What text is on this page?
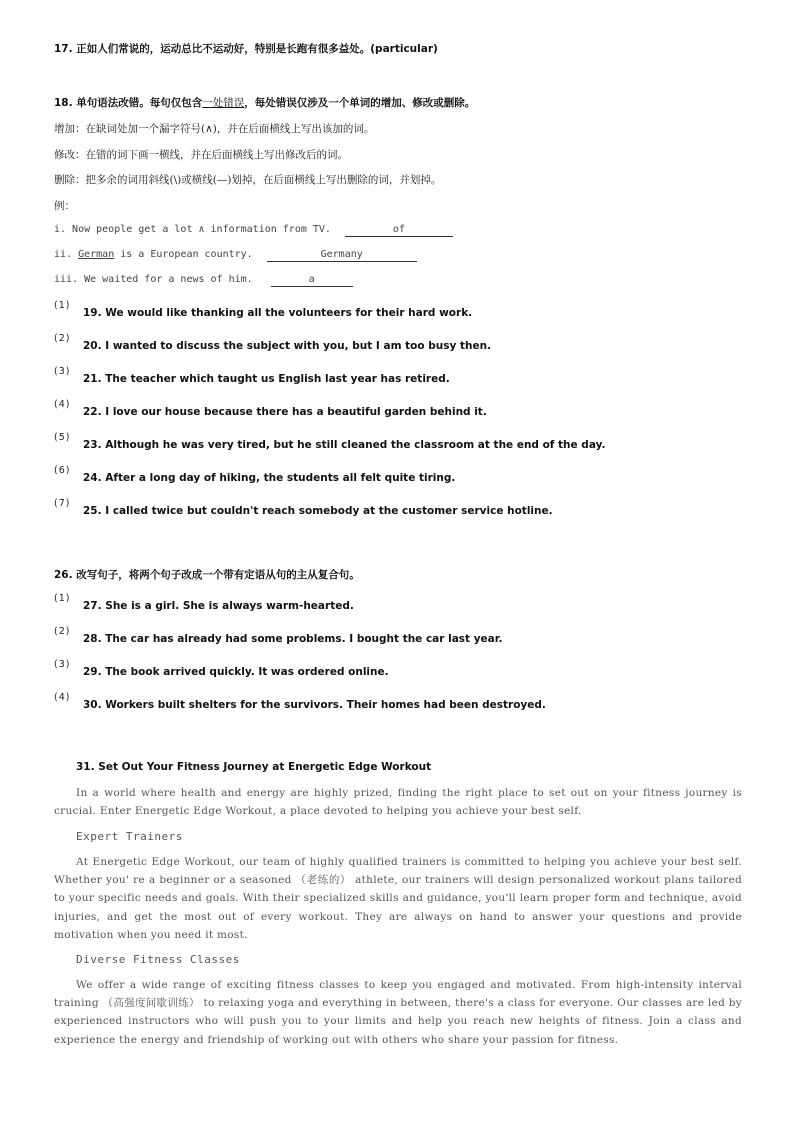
17. 正如人们常说的，运动总比不运动好，特别是长跑有很多益处。(particular)
18. 单句语法改错。每句仅包含一处错误，每处错误仅涉及一个单词的增加、修改或删除。
增加：在缺词处加一个漏字符号(∧)，并在后面横线上写出该加的词。
修改：在错的词下画一横线，并在后面横线上写出修改后的词。
删除：把多余的词用斜线(\)或横线(—)划掉，在后面横线上写出删除的词，并划掉。
例：
i. Now people get a lot ∧ information from TV.	of
ii. German is a European country.	Germany
iii. We waited for a news of him.	a
(1)
19. We would like thanking all the volunteers for their hard work.
(2)
20. I wanted to discuss the subject with you, but I am too busy then.
(3)
21. The teacher which taught us English last year has retired.
(4)
22. I love our house because there has a beautiful garden behind it.
(5)
23. Although he was very tired, but he still cleaned the classroom at the end of the day.
(6)
24. After a long day of hiking, the students all felt quite tiring.
(7)
25. I called twice but couldn't reach somebody at the customer service hotline.
26. 改写句子，将两个句子改成一个带有定语从句的主从复合句。
(1)
27. She is a girl. She is always warm-hearted.
(2)
28. The car has already had some problems. I bought the car last year.
(3)
29. The book arrived quickly. It was ordered online.
(4)
30. Workers built shelters for the survivors. Their homes had been destroyed.
31. Set Out Your Fitness Journey at Energetic Edge Workout
In a world where health and energy are highly prized, finding the right place to set out on your fitness journey is crucial. Enter Energetic Edge Workout, a place devoted to helping you achieve your best self.
Expert Trainers
At Energetic Edge Workout, our team of highly qualified trainers is committed to helping you achieve your best self. Whether you' re a beginner or a seasoned （老练的） athlete, our trainers will design personalized workout plans tailored to your specific needs and goals. With their specialized skills and guidance, you'll learn proper form and technique, avoid injuries, and get the most out of every workout. They are always on hand to answer your questions and provide motivation when you need it most.
Diverse Fitness Classes
We offer a wide range of exciting fitness classes to keep you engaged and motivated. From high-intensity interval training （高强度间歇训练） to relaxing yoga and everything in between, there's a class for everyone. Our classes are led by experienced instructors who will push you to your limits and help you reach new heights of fitness. Join a class and experience the energy and friendship of working out with others who share your passion for fitness.
